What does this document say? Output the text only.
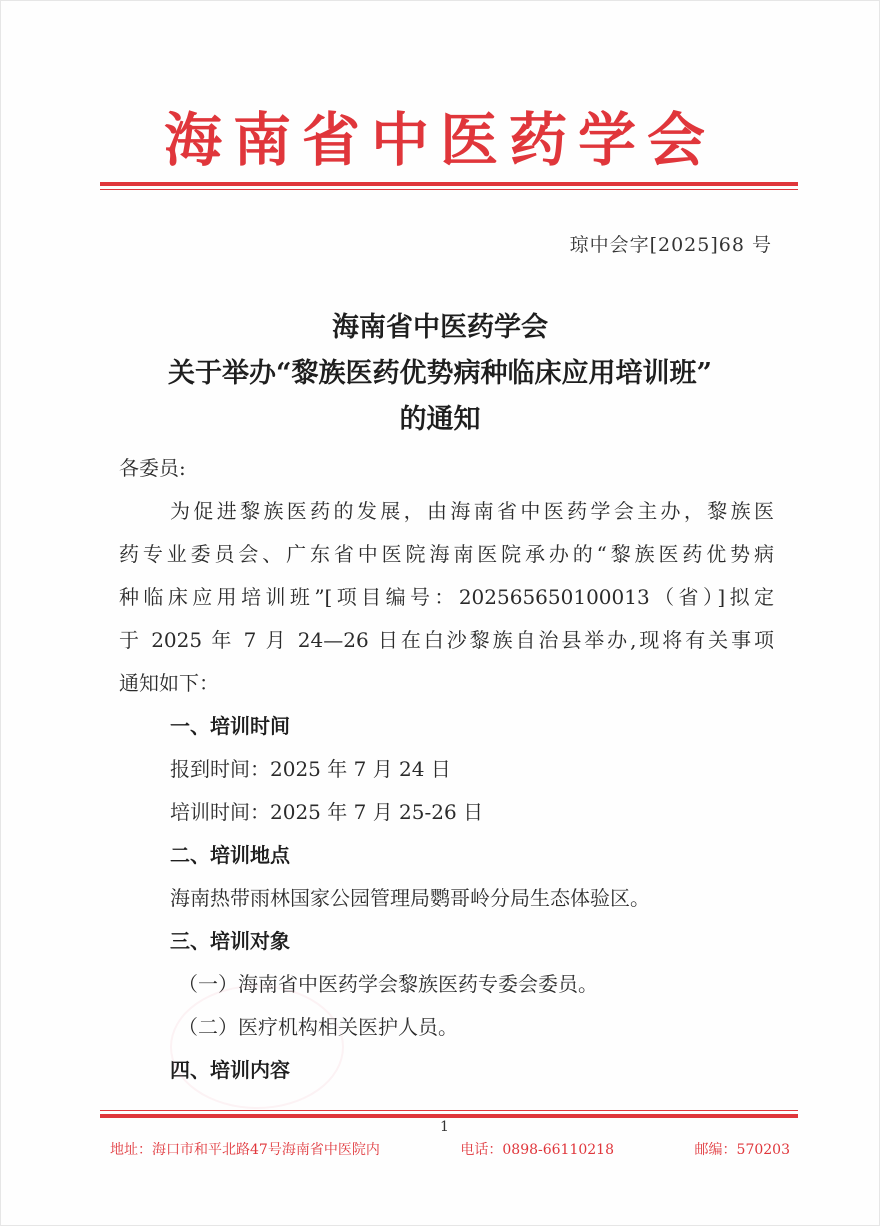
海南省中医药学会
琼中会字[2025]68 号
海南省中医药学会
关于举办“黎族医药优势病种临床应用培训班”
的通知
各委员:
为促进黎族医药的发展，由海南省中医药学会主办，黎族医
药专业委员会、广东省中医院海南医院承办的“黎族医药优势病
种临床应用培训班”[项目编号：202565650100013（省）]拟定
于 2025 年 7 月 24—26 日在白沙黎族自治县举办,现将有关事项
通知如下：
一、培训时间
报到时间：2025 年 7 月 24 日
培训时间：2025 年 7 月 25-26 日
二、培训地点
海南热带雨林国家公园管理局鹦哥岭分局生态体验区。
三、培训对象
（一）海南省中医药学会黎族医药专委会委员。
（二）医疗机构相关医护人员。
四、培训内容
1
地址：海口市和平北路47号海南省中医院内	电话：0898-66110218	邮编：570203
